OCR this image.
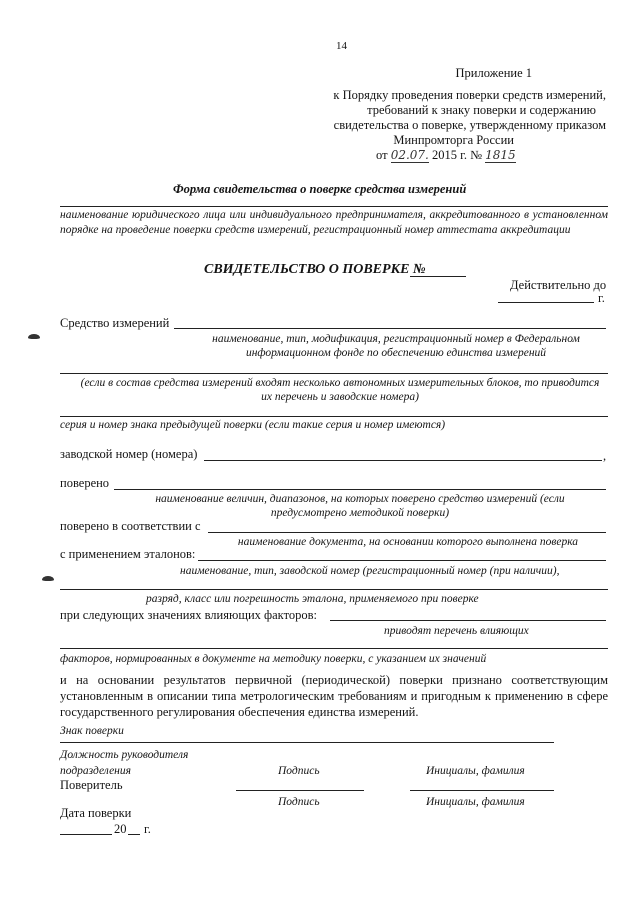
14
Приложение 1
к Порядку проведения поверки средств измерений,
требований к знаку поверки и содержанию
свидетельства о поверке, утвержденному приказом
Минпромторга России
от 02.07. 2015 г. № 1815
Форма свидетельства о поверке средства измерений
наименование юридического лица или индивидуального предпринимателя, аккредитованного в установленном порядке на проведение поверки средств измерений, регистрационный номер аттестата аккредитации
СВИДЕТЕЛЬСТВО О ПОВЕРКЕ №
Действительно до
г.
Средство измерений
наименование, тип, модификация, регистрационный номер в Федеральном информационном фонде по обеспечению единства измерений
(если в состав средства измерений входят несколько автономных измерительных блоков, то приводится их перечень и заводские номера)
серия и номер знака предыдущей поверки (если такие серия и номер имеются)
заводской номер (номера)	,
поверено
наименование величин, диапазонов, на которых поверено средство измерений (если предусмотрено методикой поверки)
поверено в соответствии с
наименование документа, на основании которого выполнена поверка
с применением эталонов:
наименование, тип, заводской номер (регистрационный номер (при наличии),
разряд, класс или погрешность эталона, применяемого при поверке
при следующих значениях влияющих факторов:
приводят перечень влияющих
факторов, нормированных в документе на методику поверки, с указанием их значений
и на основании результатов первичной (периодической) поверки признано соответствующим установленным в описании типа метрологическим требованиям и пригодным к применению в сфере государственного регулирования обеспечения единства измерений.
Знак поверки
Должность руководителя подразделения	Подпись	Инициалы, фамилия
Поверитель
Подпись	Инициалы, фамилия
Дата поверки
20 г.
